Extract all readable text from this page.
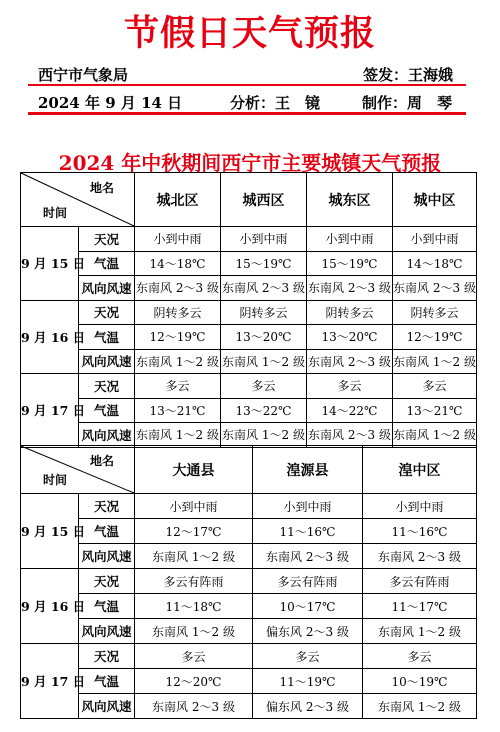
节假日天气预报
西宁市气象局	签发：王海娥
2024 年 9 月 14 日	分析：王　镜	制作：周　琴
2024 年中秋期间西宁市主要城镇天气预报
地名
时间		城北区	城西区	城东区	城中区
9 月 15 日	天况	小到中雨	小到中雨	小到中雨	小到中雨
	气温	14～18℃	15～19℃	15～19℃	14～18℃
	风向风速	东南风 2～3 级	东南风 2～3 级	东南风 2～3 级	东南风 2～3 级
9 月 16 日	天况	阴转多云	阴转多云	阴转多云	阴转多云
	气温	12～19℃	13～20℃	13～20℃	12～19℃
	风向风速	东南风 1～2 级	东南风 1～2 级	东南风 2～3 级	东南风 1～2 级
9 月 17 日	天况	多云	多云	多云	多云
	气温	13～21℃	13～22℃	14～22℃	13～21℃
	风向风速	东南风 1～2 级	东南风 1～2 级	东南风 2～3 级	东南风 1～2 级
地名
时间		大通县	湟源县	湟中区
9 月 15 日	天况	小到中雨	小到中雨	小到中雨
	气温	12～17℃	11～16℃	11～16℃
	风向风速	东南风 1～2 级	东南风 2～3 级	东南风 2～3 级
9 月 16 日	天况	多云有阵雨	多云有阵雨	多云有阵雨
	气温	11～18℃	10～17℃	11～17℃
	风向风速	东南风 1～2 级	偏东风 2～3 级	东南风 1～2 级
9 月 17 日	天况	多云	多云	多云
	气温	12～20℃	11～19℃	10～19℃
	风向风速	东南风 2～3 级	偏东风 2～3 级	东南风 1～2 级
